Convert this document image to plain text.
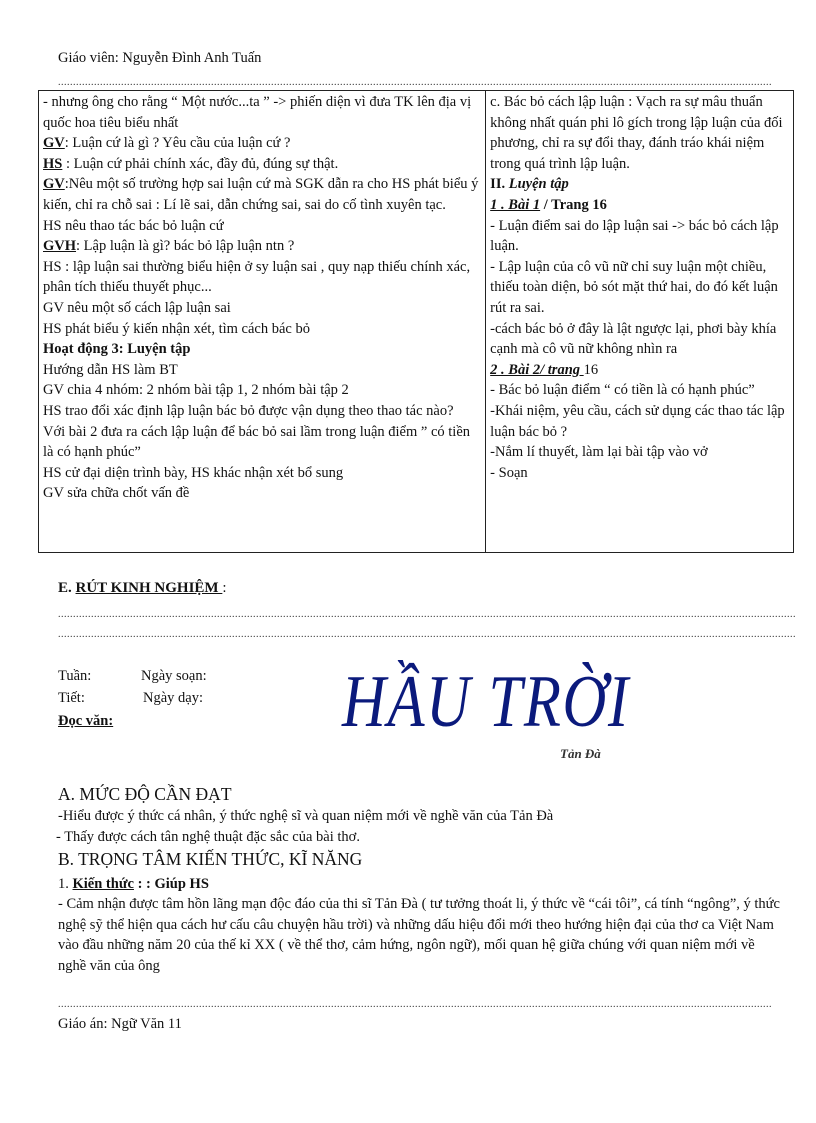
Giáo viên: Nguyễn Đình Anh Tuấn
.....
- nhưng ông cho rằng “ Một nước...ta ” -> phiến diện vì đưa TK lên địa vị quốc hoa tiêu biểu nhất
GV: Luận cứ là gì ? Yêu cầu của luận cứ ?
HS : Luận cứ phải chính xác, đầy đủ, đúng sự thật.
GV:Nêu một số trường hợp sai luận cứ mà SGK dẫn ra cho HS phát biểu ý kiến, chỉ ra chỗ sai : Lí lẽ sai, dẫn chứng sai, sai do cố tình xuyên tạc.
HS nêu thao tác bác bỏ luận cứ
GVH: Lập luận là gì? bác bỏ lập luận ntn ?
HS : lập luận sai thường biểu hiện ở sy luận sai , quy nạp thiếu chính xác, phân tích thiếu thuyết phục...
GV nêu một số cách lập luận sai
HS phát biểu ý kiến nhận xét, tìm cách bác bỏ
Hoạt động 3: Luyện tập
Hướng dẫn HS làm BT
GV chia 4 nhóm: 2 nhóm bài tập 1, 2 nhóm bài tập 2
HS trao đổi xác định lập luận bác bỏ được vận dụng theo thao tác nào?
Với bài 2 đưa ra cách lập luận để bác bỏ sai lầm trong luận điểm ” có tiền là có hạnh phúc”
HS cử đại diện trình bày, HS khác nhận xét bổ sung
GV sửa chữa chốt vấn đề

c. Bác bỏ cách lập luận : Vạch ra sự mâu thuẩn không nhất quán phi lô gích trong lập luận của đối phương, chỉ ra sự đổi thay, đánh tráo khái niệm trong quá trình lập luận.
II. Luyện tập
1 . Bài 1 / Trang 16
- Luận điểm sai do lập luận sai -> bác bỏ cách lập luận.
- Lập luận của cô vũ nữ chỉ suy luận một chiều, thiếu toàn diện, bỏ sót mặt thứ hai, do đó kết luận rút ra sai.
-cách bác bỏ ở đây là lật ngược lại, phơi bày khía cạnh mà cô vũ nữ không nhìn ra
2 . Bài 2/ trang 16
- Bác bỏ luận điểm “ có tiền là có hạnh phúc”
-Khái niệm, yêu cầu, cách sử dụng các thao tác lập luận bác bỏ ?
-Nắm lí thuyết, làm lại bài tập vào vở
- Soạn
E. RÚT KINH NGHIỆM :
.....
.....
Tuần:	Ngày soạn:
Tiết:	Ngày dạy:
Đọc văn:	HẦU TRỜI
Tản Đà
A. MỨC ĐỘ CẦN ĐẠT
-Hiểu được ý thức cá nhân, ý thức nghệ sĩ và quan niệm mới về nghề văn của Tản Đà
- Thấy được cách tân nghệ thuật đặc sắc của bài thơ.
B. TRỌNG TÂM KIẾN THỨC, KĨ NĂNG
1. Kiến thức : : Giúp HS
- Cảm nhận được tâm hồn lãng mạn độc đáo của thi sĩ Tản Đà ( tư tưởng thoát li, ý thức về “cái tôi”, cá tính “ngông”, ý thức nghệ sỹ thể hiện qua cách hư cấu câu chuyện hầu trời) và những dấu hiệu đổi mới theo hướng hiện đại của thơ ca Việt Nam vào đầu những năm 20 của thế kỉ XX ( về thể thơ, cảm hứng, ngôn ngữ), mối quan hệ giữa chúng với quan niệm mới về nghề văn của ông
.....
Giáo án: Ngữ Văn 11
